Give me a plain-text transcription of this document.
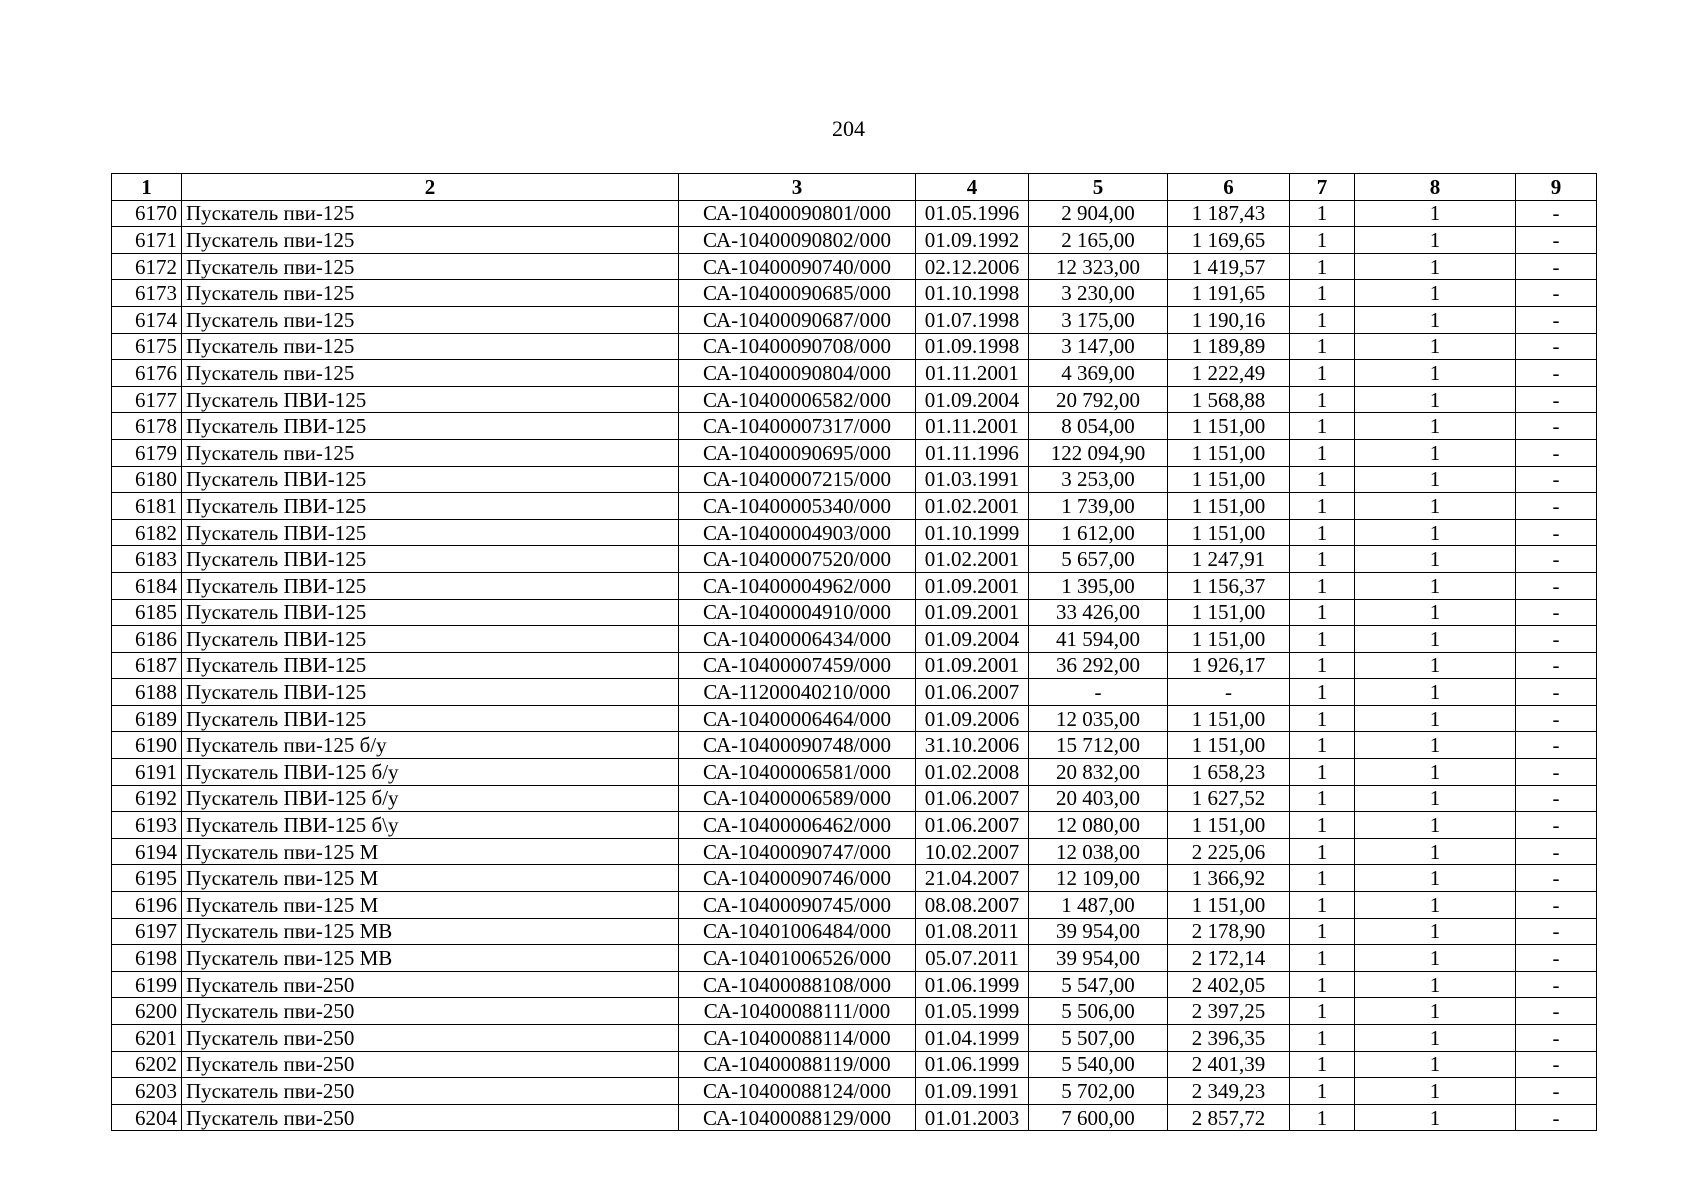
204
1	2	3	4	5	6	7	8	9
6170	Пускатель пви-125	СА-10400090801/000	01.05.1996	2 904,00	1 187,43	1	1	-
6171	Пускатель пви-125	СА-10400090802/000	01.09.1992	2 165,00	1 169,65	1	1	-
6172	Пускатель пви-125	СА-10400090740/000	02.12.2006	12 323,00	1 419,57	1	1	-
6173	Пускатель пви-125	СА-10400090685/000	01.10.1998	3 230,00	1 191,65	1	1	-
6174	Пускатель пви-125	СА-10400090687/000	01.07.1998	3 175,00	1 190,16	1	1	-
6175	Пускатель пви-125	СА-10400090708/000	01.09.1998	3 147,00	1 189,89	1	1	-
6176	Пускатель пви-125	СА-10400090804/000	01.11.2001	4 369,00	1 222,49	1	1	-
6177	Пускатель ПВИ-125	СА-10400006582/000	01.09.2004	20 792,00	1 568,88	1	1	-
6178	Пускатель ПВИ-125	СА-10400007317/000	01.11.2001	8 054,00	1 151,00	1	1	-
6179	Пускатель пви-125	СА-10400090695/000	01.11.1996	122 094,90	1 151,00	1	1	-
6180	Пускатель ПВИ-125	СА-10400007215/000	01.03.1991	3 253,00	1 151,00	1	1	-
6181	Пускатель ПВИ-125	СА-10400005340/000	01.02.2001	1 739,00	1 151,00	1	1	-
6182	Пускатель ПВИ-125	СА-10400004903/000	01.10.1999	1 612,00	1 151,00	1	1	-
6183	Пускатель ПВИ-125	СА-10400007520/000	01.02.2001	5 657,00	1 247,91	1	1	-
6184	Пускатель ПВИ-125	СА-10400004962/000	01.09.2001	1 395,00	1 156,37	1	1	-
6185	Пускатель ПВИ-125	СА-10400004910/000	01.09.2001	33 426,00	1 151,00	1	1	-
6186	Пускатель ПВИ-125	СА-10400006434/000	01.09.2004	41 594,00	1 151,00	1	1	-
6187	Пускатель ПВИ-125	СА-10400007459/000	01.09.2001	36 292,00	1 926,17	1	1	-
6188	Пускатель ПВИ-125	СА-11200040210/000	01.06.2007	-	-	1	1	-
6189	Пускатель ПВИ-125	СА-10400006464/000	01.09.2006	12 035,00	1 151,00	1	1	-
6190	Пускатель пви-125 б/у	СА-10400090748/000	31.10.2006	15 712,00	1 151,00	1	1	-
6191	Пускатель ПВИ-125 б/у	СА-10400006581/000	01.02.2008	20 832,00	1 658,23	1	1	-
6192	Пускатель ПВИ-125 б/у	СА-10400006589/000	01.06.2007	20 403,00	1 627,52	1	1	-
6193	Пускатель ПВИ-125 б\у	СА-10400006462/000	01.06.2007	12 080,00	1 151,00	1	1	-
6194	Пускатель пви-125 М	СА-10400090747/000	10.02.2007	12 038,00	2 225,06	1	1	-
6195	Пускатель пви-125 М	СА-10400090746/000	21.04.2007	12 109,00	1 366,92	1	1	-
6196	Пускатель пви-125 М	СА-10400090745/000	08.08.2007	1 487,00	1 151,00	1	1	-
6197	Пускатель пви-125 МВ	СА-10401006484/000	01.08.2011	39 954,00	2 178,90	1	1	-
6198	Пускатель пви-125 МВ	СА-10401006526/000	05.07.2011	39 954,00	2 172,14	1	1	-
6199	Пускатель пви-250	СА-10400088108/000	01.06.1999	5 547,00	2 402,05	1	1	-
6200	Пускатель пви-250	СА-10400088111/000	01.05.1999	5 506,00	2 397,25	1	1	-
6201	Пускатель пви-250	СА-10400088114/000	01.04.1999	5 507,00	2 396,35	1	1	-
6202	Пускатель пви-250	СА-10400088119/000	01.06.1999	5 540,00	2 401,39	1	1	-
6203	Пускатель пви-250	СА-10400088124/000	01.09.1991	5 702,00	2 349,23	1	1	-
6204	Пускатель пви-250	СА-10400088129/000	01.01.2003	7 600,00	2 857,72	1	1	-
